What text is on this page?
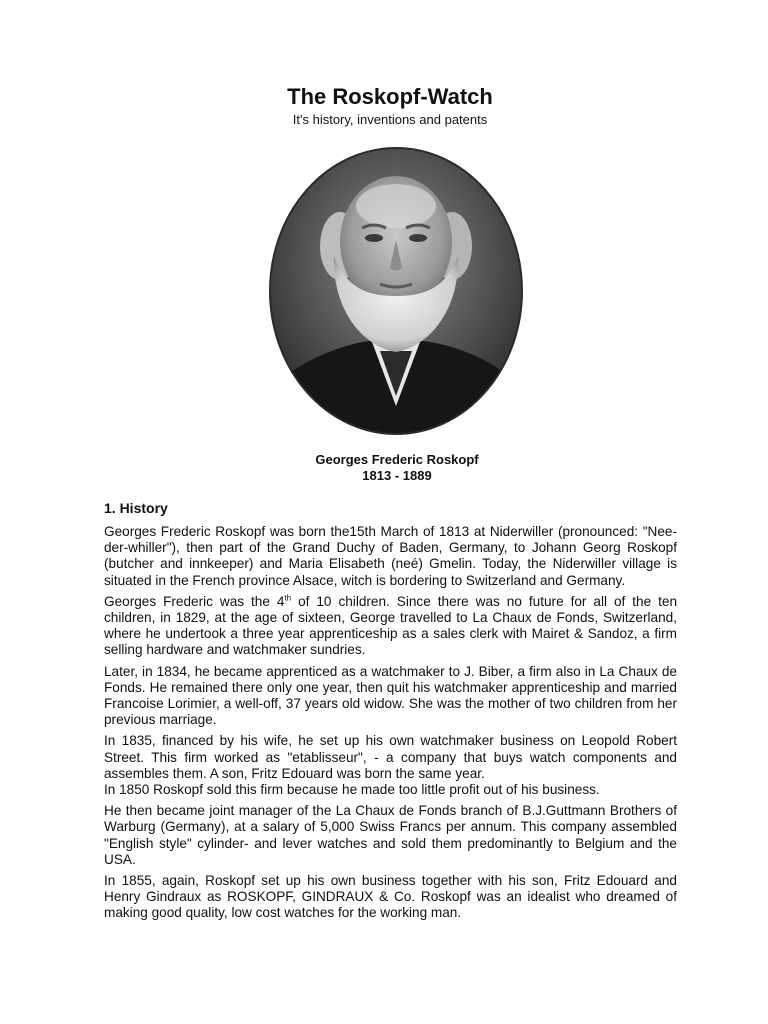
The Roskopf-Watch
It's history, inventions and patents
Georges Frederic Roskopf
1813 - 1889
1. History

Georges Frederic Roskopf was born the15th March of 1813 at Niderwiller (pronounced: "Nee-der-whiller"), then part of the Grand Duchy of Baden, Germany, to Johann Georg Roskopf (butcher and innkeeper) and Maria Elisabeth (neé) Gmelin. Today, the Niderwiller village is situated in the French province Alsace, witch is bordering to Switzerland and Germany.

Georges Frederic was the 4th of 10 children. Since there was no future for all of the ten children, in 1829, at the age of sixteen, George travelled to La Chaux de Fonds, Switzerland, where he undertook a three year apprenticeship as a sales clerk with Mairet & Sandoz, a firm selling hardware and watchmaker sundries.

Later, in 1834, he became apprenticed as a watchmaker to J. Biber, a firm also in La Chaux de Fonds. He remained there only one year, then quit his watchmaker apprenticeship and married Francoise Lorimier, a well-off, 37 years old widow. She was the mother of two children from her previous marriage.

In 1835, financed by his wife, he set up his own watchmaker business on Leopold Robert Street. This firm worked as "etablisseur", - a company that buys watch components and assembles them. A son, Fritz Edouard was born the same year.

In 1850 Roskopf sold this firm because he made too little profit out of his business.

He then became joint manager of the La Chaux de Fonds branch of B.J.Guttmann Brothers of Warburg (Germany), at a salary of 5,000 Swiss Francs per annum. This company assembled "English style" cylinder- and lever watches and sold them predominantly to Belgium and the USA.

In 1855, again, Roskopf set up his own business together with his son, Fritz Edouard and Henry Gindraux as ROSKOPF, GINDRAUX & Co. Roskopf was an idealist who dreamed of making good quality, low cost watches for the working man.
